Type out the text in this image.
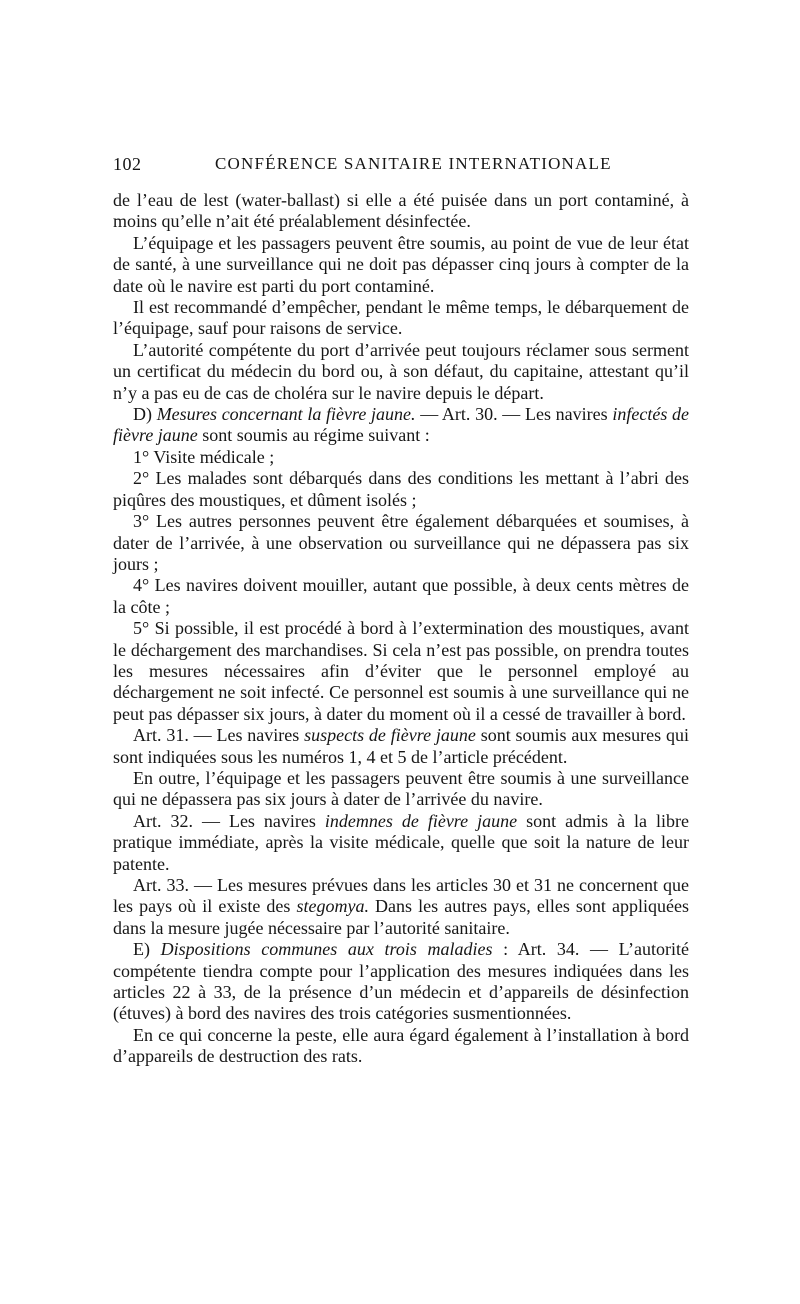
102	CONFÉRENCE SANITAIRE INTERNATIONALE

de l’eau de lest (water-ballast) si elle a été puisée dans un port contaminé, à moins qu’elle n’ait été préalablement désinfectée.

L’équipage et les passagers peuvent être soumis, au point de vue de leur état de santé, à une surveillance qui ne doit pas dépasser cinq jours à compter de la date où le navire est parti du port contaminé.

Il est recommandé d’empêcher, pendant le même temps, le débarquement de l’équipage, sauf pour raisons de service.

L’autorité compétente du port d’arrivée peut toujours réclamer sous serment un certificat du médecin du bord ou, à son défaut, du capitaine, attestant qu’il n’y a pas eu de cas de choléra sur le navire depuis le départ.

D) Mesures concernant la fièvre jaune. — Art. 30. — Les navires infectés de fièvre jaune sont soumis au régime suivant :

1° Visite médicale ;

2° Les malades sont débarqués dans des conditions les mettant à l’abri des piqûres des moustiques, et dûment isolés ;

3° Les autres personnes peuvent être également débarquées et soumises, à dater de l’arrivée, à une observation ou surveillance qui ne dépassera pas six jours ;

4° Les navires doivent mouiller, autant que possible, à deux cents mètres de la côte ;

5° Si possible, il est procédé à bord à l’extermination des moustiques, avant le déchargement des marchandises. Si cela n’est pas possible, on prendra toutes les mesures nécessaires afin d’éviter que le personnel employé au déchargement ne soit infecté. Ce personnel est soumis à une surveillance qui ne peut pas dépasser six jours, à dater du moment où il a cessé de travailler à bord.

Art. 31. — Les navires suspects de fièvre jaune sont soumis aux mesures qui sont indiquées sous les numéros 1, 4 et 5 de l’article précédent.

En outre, l’équipage et les passagers peuvent être soumis à une surveillance qui ne dépassera pas six jours à dater de l’arrivée du navire.

Art. 32. — Les navires indemnes de fièvre jaune sont admis à la libre pratique immédiate, après la visite médicale, quelle que soit la nature de leur patente.

Art. 33. — Les mesures prévues dans les articles 30 et 31 ne concernent que les pays où il existe des stegomya. Dans les autres pays, elles sont appliquées dans la mesure jugée nécessaire par l’autorité sanitaire.

E) Dispositions communes aux trois maladies : Art. 34. — L’autorité compétente tiendra compte pour l’application des mesures indiquées dans les articles 22 à 33, de la présence d’un médecin et d’appareils de désinfection (étuves) à bord des navires des trois catégories susmentionnées.

En ce qui concerne la peste, elle aura égard également à l’installation à bord d’appareils de destruction des rats.
